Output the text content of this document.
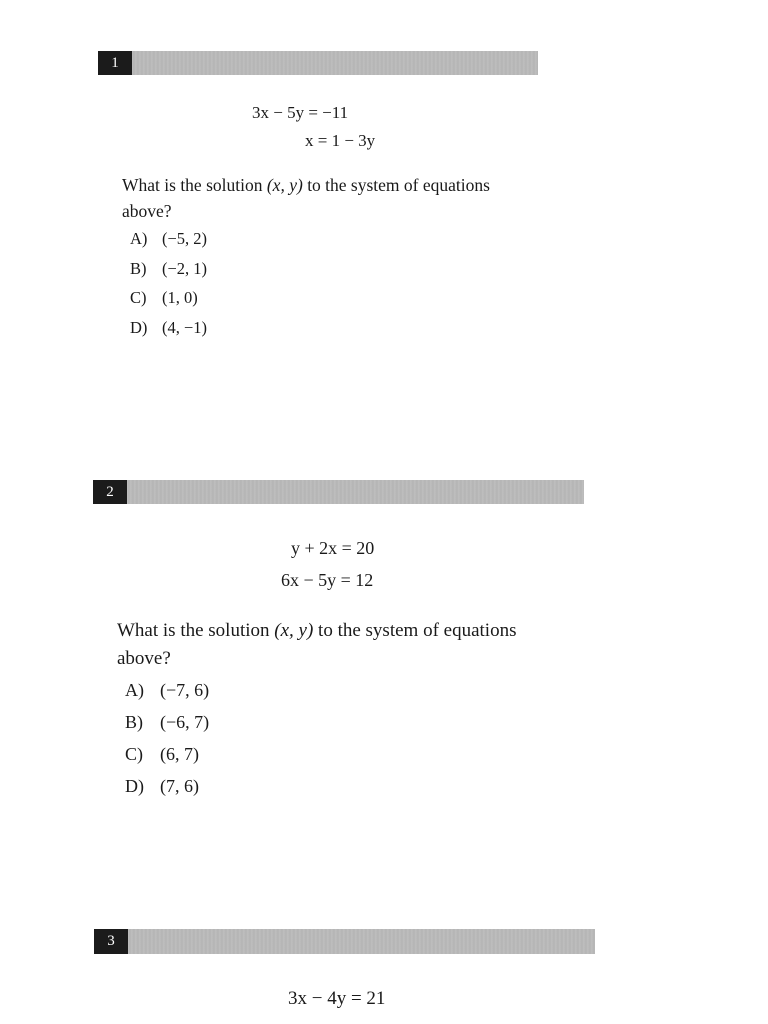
1
3x − 5y = −11
x = 1 − 3y
What is the solution (x, y) to the system of equations above?
A) (−5, 2)
B) (−2, 1)
C) (1, 0)
D) (4, −1)
2
y + 2x = 20
6x − 5y = 12
What is the solution (x, y) to the system of equations above?
A) (−7, 6)
B) (−6, 7)
C) (6, 7)
D) (7, 6)
3
3x − 4y = 21
